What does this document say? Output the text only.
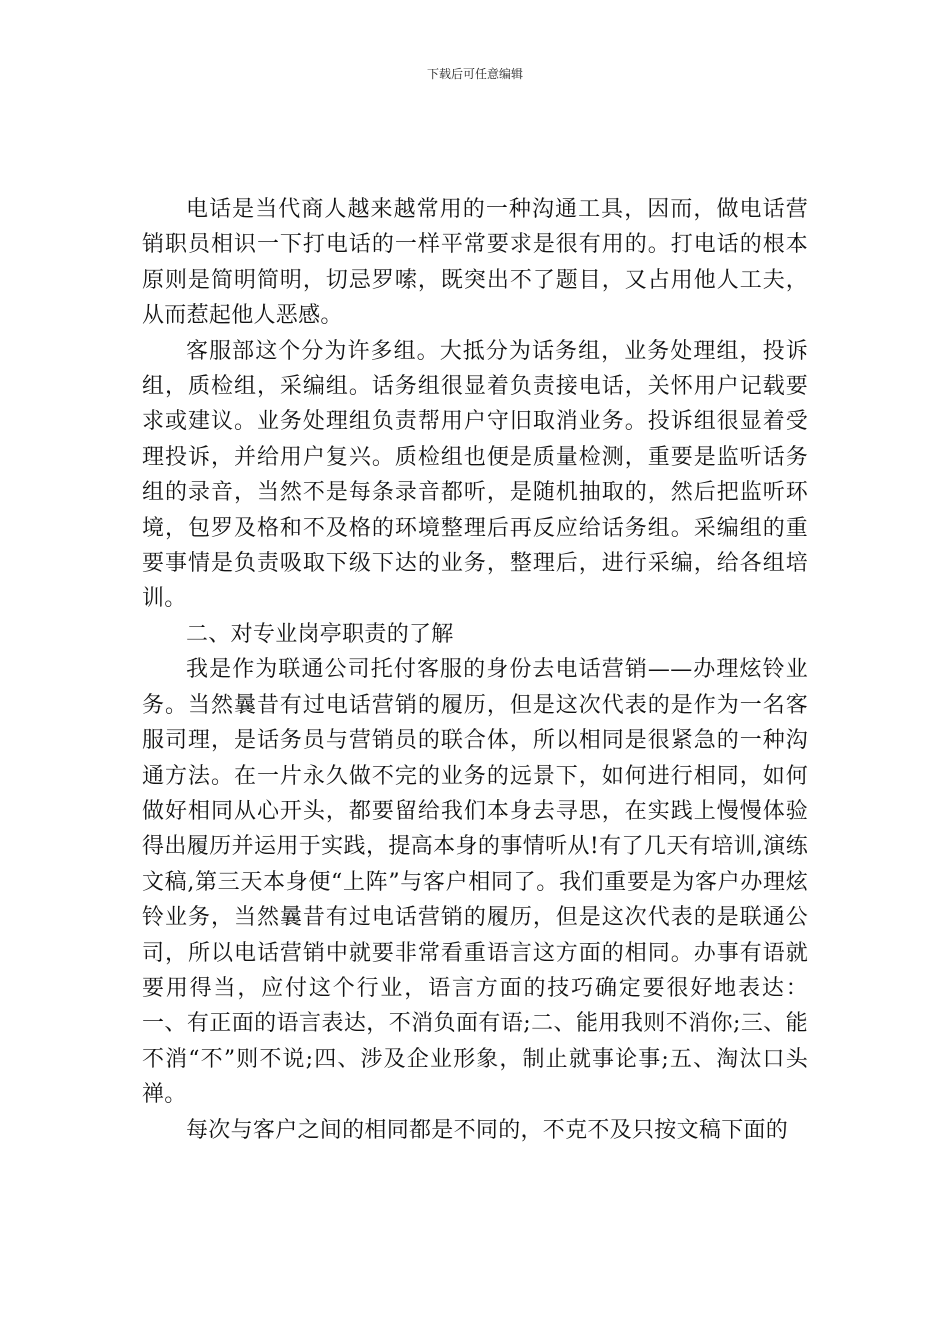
下载后可任意编辑

电话是当代商人越来越常用的一种沟通工具，因而，做电话营销职员相识一下打电话的一样平常要求是很有用的。打电话的根本原则是简明简明，切忌罗嗦，既突出不了题目，又占用他人工夫，从而惹起他人恶感。

客服部这个分为许多组。大抵分为话务组，业务处理组，投诉组，质检组，采编组。话务组很显着负责接电话，关怀用户记载要求或建议。业务处理组负责帮用户守旧取消业务。投诉组很显着受理投诉，并给用户复兴。质检组也便是质量检测，重要是监听话务组的录音，当然不是每条录音都听，是随机抽取的，然后把监听环境，包罗及格和不及格的环境整理后再反应给话务组。采编组的重要事情是负责吸取下级下达的业务，整理后，进行采编，给各组培训。

二、对专业岗亭职责的了解

我是作为联通公司托付客服的身份去电话营销——办理炫铃业务。当然曩昔有过电话营销的履历，但是这次代表的是作为一名客服司理，是话务员与营销员的联合体，所以相同是很紧急的一种沟通方法。在一片永久做不完的业务的远景下，如何进行相同，如何做好相同从心开头，都要留给我们本身去寻思，在实践上慢慢体验得出履历并运用于实践，提高本身的事情听从!有了几天有培训,演练文稿,第三天本身便“上阵”与客户相同了。我们重要是为客户办理炫铃业务，当然曩昔有过电话营销的履历，但是这次代表的是联通公司，所以电话营销中就要非常看重语言这方面的相同。办事有语就要用得当，应付这个行业，语言方面的技巧确定要很好地表达：一、有正面的语言表达，不消负面有语;二、能用我则不消你;三、能不消“不”则不说;四、涉及企业形象，制止就事论事;五、淘汰口头禅。

每次与客户之间的相同都是不同的，不克不及只按文稿下面的
